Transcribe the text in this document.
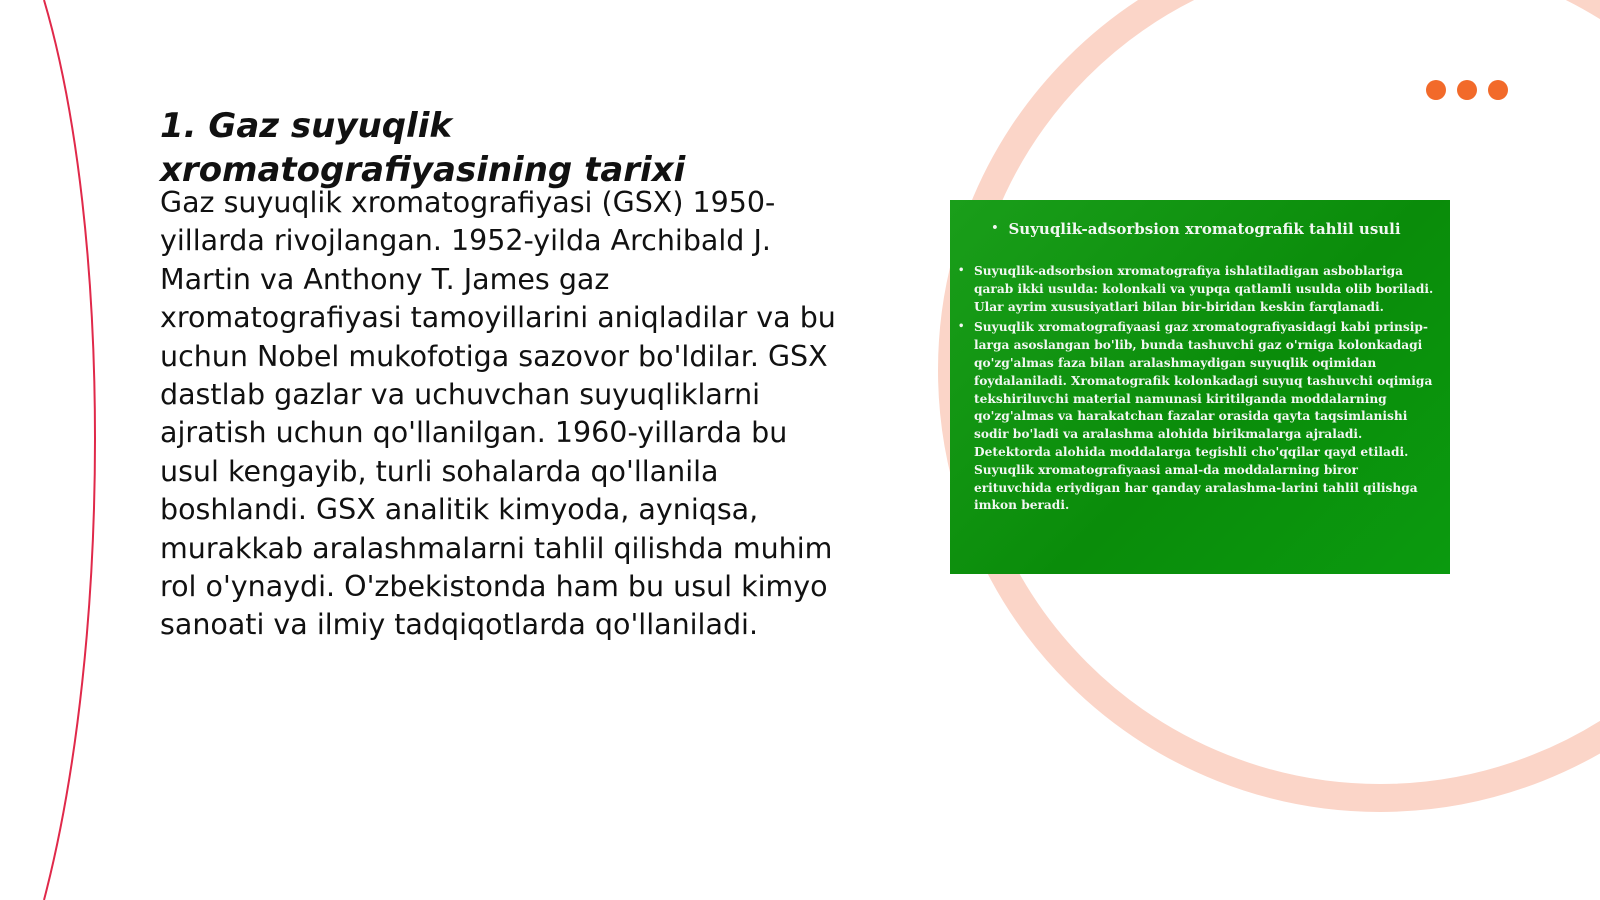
1. Gaz suyuqlik xromatografiyasining tarixi

Gaz suyuqlik xromatografiyasi (GSX) 1950-yillarda rivojlangan. 1952-yilda Archibald J. Martin va Anthony T. James gaz xromatografiyasi tamoyillarini aniqladilar va bu uchun Nobel mukofotiga sazovor bo'ldilar. GSX dastlab gazlar va uchuvchan suyuqliklarni ajratish uchun qo'llanilgan. 1960-yillarda bu usul kengayib, turli sohalarda qo'llanila boshlandi. GSX analitik kimyoda, ayniqsa, murakkab aralashmalarni tahlil qilishda muhim rol o'ynaydi. O'zbekistonda ham bu usul kimyo sanoati va ilmiy tadqiqotlarda qo'llaniladi.

• Suyuqlik-adsorbsion xromatografik tahlil usuli

• Suyuqlik-adsorbsion xromatografiya ishlatiladigan asboblariga qarab ikki usulda: kolonkali va yupqa qatlamli usulda olib boriladi. Ular ayrim xususiyatlari bilan bir-biridan keskin farqlanadi.
• Suyuqlik xromatografiyaasi gaz xromatografiyasidagi kabi prinsip-larga asoslangan bo'lib, bunda tashuvchi gaz o'rniga kolonkadagi qo'zg'almas faza bilan aralashmaydigan suyuqlik oqimidan foydalaniladi. Xromatografik kolonkadagi suyuq tashuvchi oqimiga tekshiriluvchi material namunasi kiritilganda moddalarning qo'zg'almas va harakatchan fazalar orasida qayta taqsimlanishi sodir bo'ladi va aralashma alohida birikmalarga ajraladi. Detektorda alohida moddalarga tegishli cho'qqilar qayd etiladi. Suyuqlik xromatografiyaasi amal-da moddalarning biror erituvchida eriydigan har qanday aralashma-larini tahlil qilishga imkon beradi.
